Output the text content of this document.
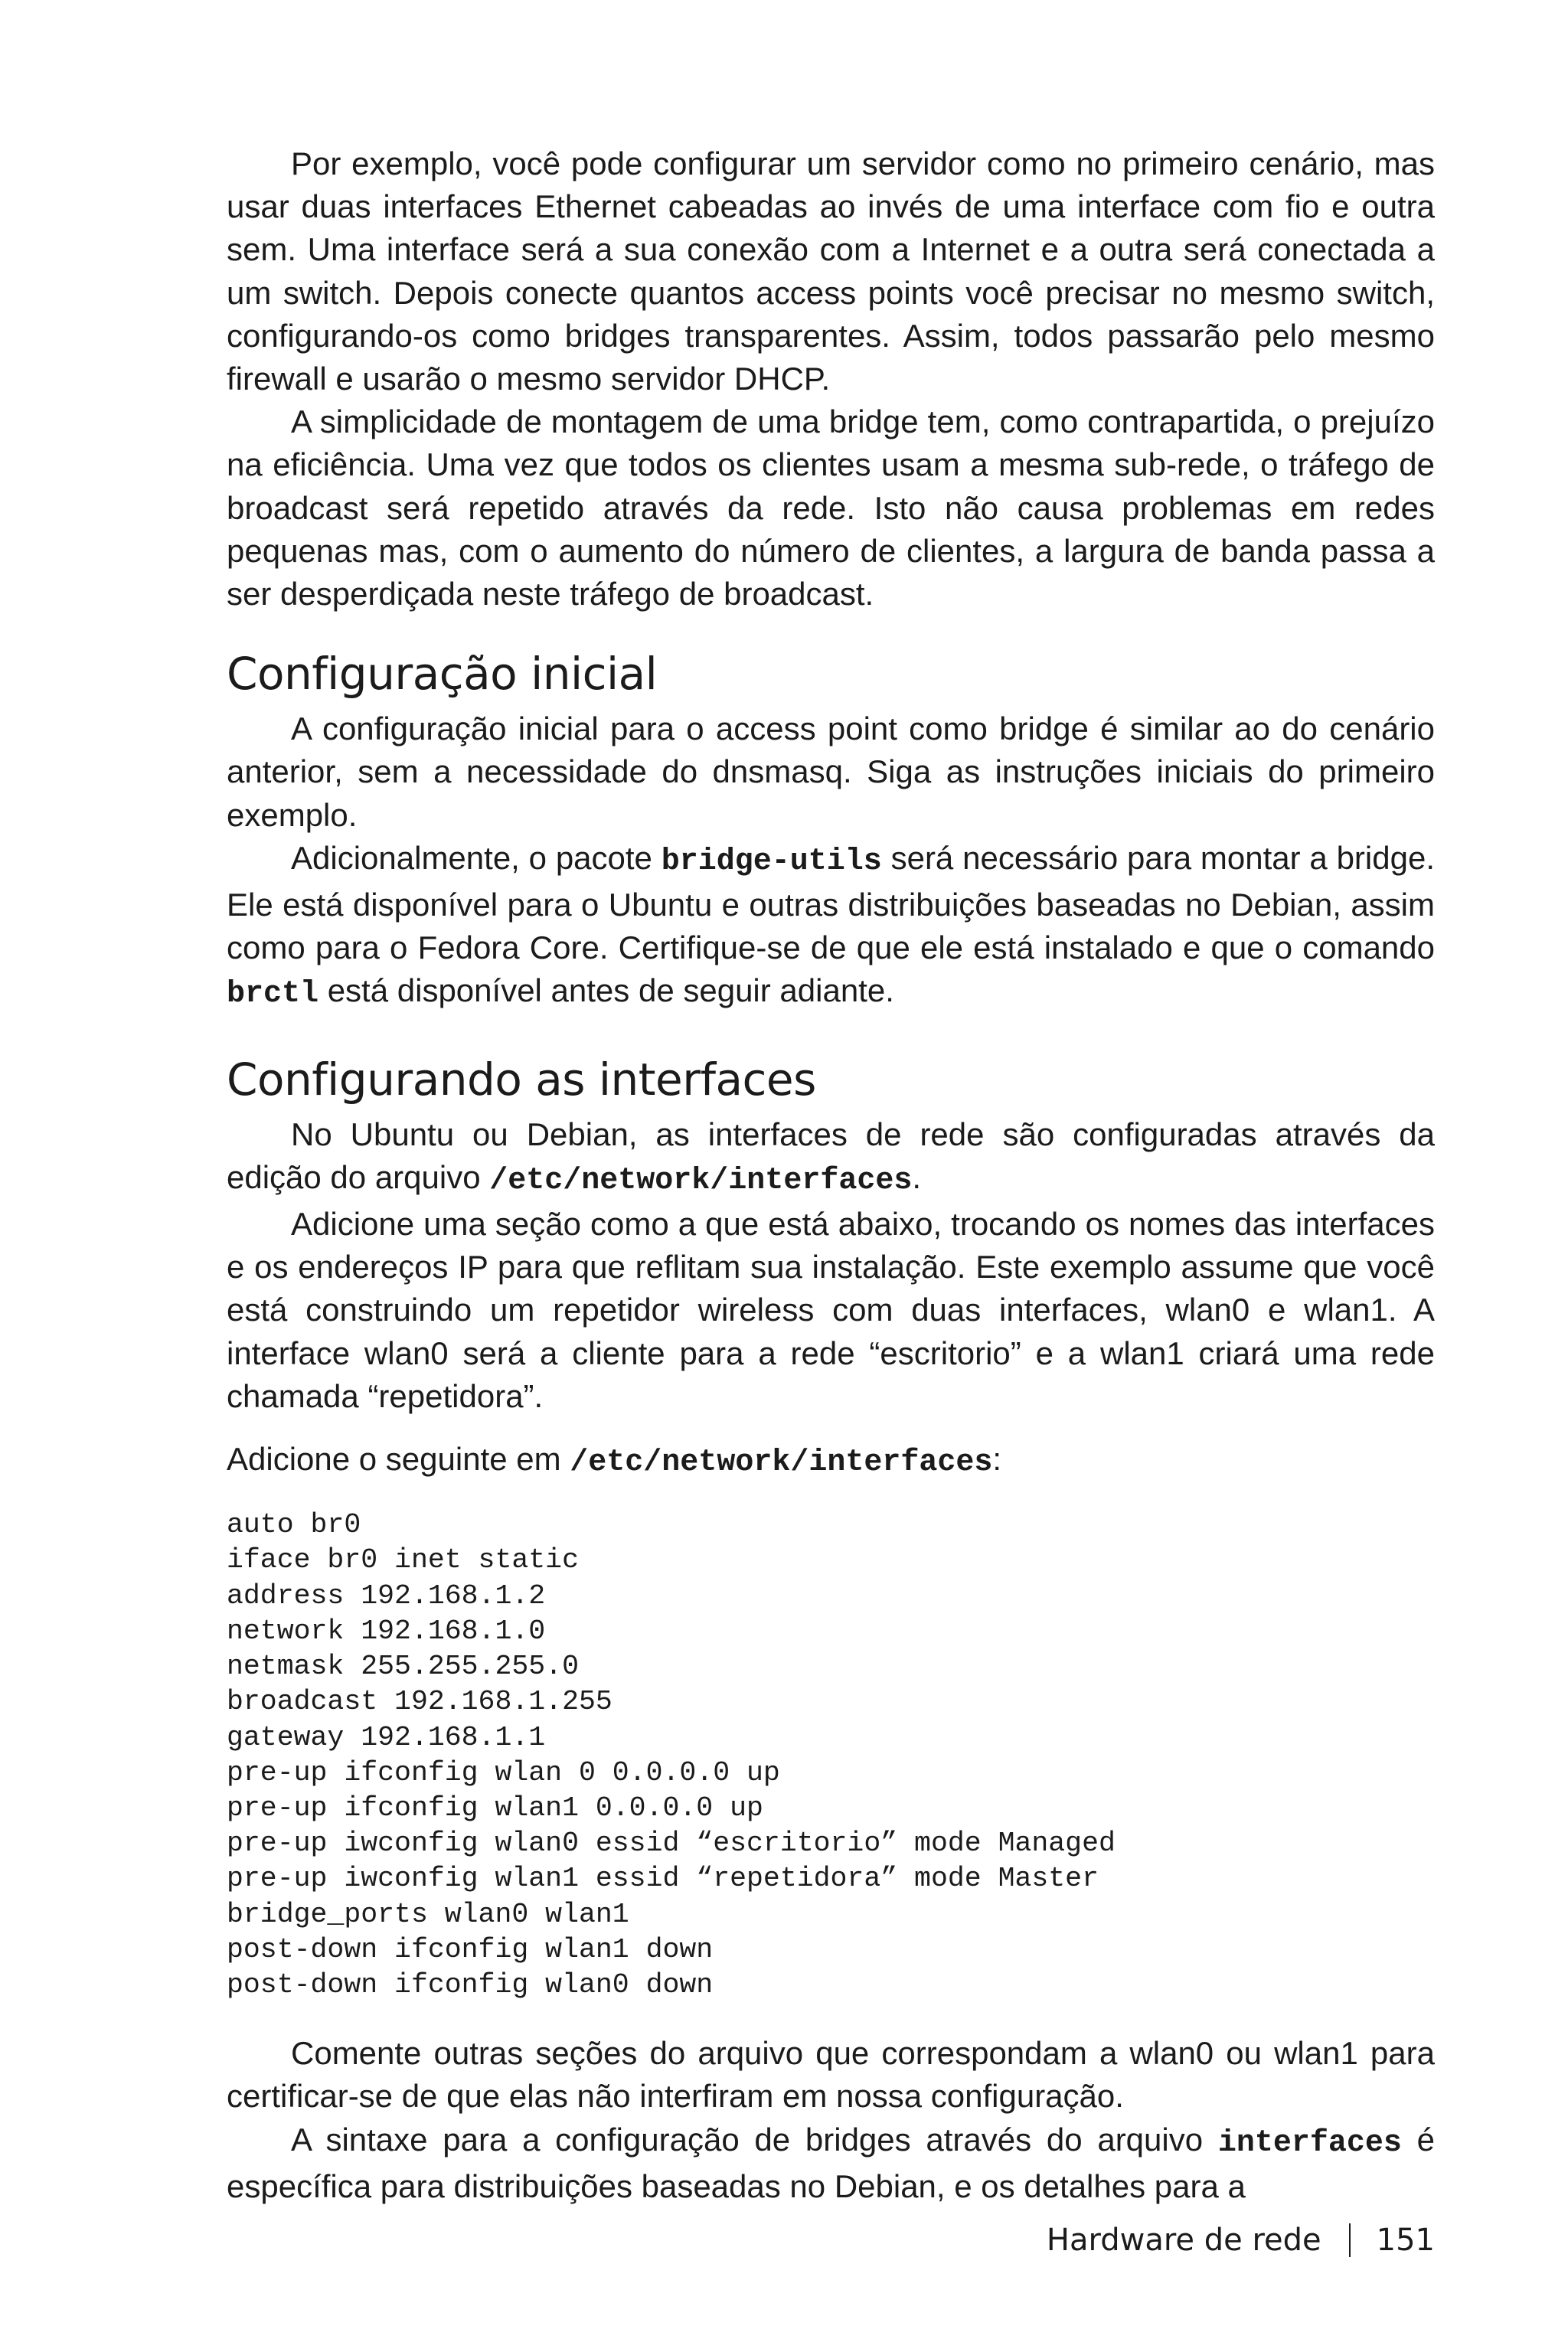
Por exemplo, você pode configurar um servidor como no primeiro cenário, mas usar duas interfaces Ethernet cabeadas ao invés de uma interface com fio e outra sem. Uma interface será a sua conexão com a Internet e a outra será conectada a um switch. Depois conecte quantos access points você precisar no mesmo switch, configurando-os como bridges transparentes. Assim, todos passarão pelo mesmo firewall e usarão o mesmo servidor DHCP.

A simplicidade de montagem de uma bridge tem, como contrapartida, o prejuízo na eficiência. Uma vez que todos os clientes usam a mesma sub-rede, o tráfego de broadcast será repetido através da rede. Isto não causa problemas em redes pequenas mas, com o aumento do número de clientes, a largura de banda passa a ser desperdiçada neste tráfego de broadcast.

Configuração inicial

A configuração inicial para o access point como bridge é similar ao do cenário anterior, sem a necessidade do dnsmasq. Siga as instruções iniciais do primeiro exemplo.

Adicionalmente, o pacote bridge-utils será necessário para montar a bridge. Ele está disponível para o Ubuntu e outras distribuições baseadas no Debian, assim como para o Fedora Core. Certifique-se de que ele está instalado e que o comando brctl está disponível antes de seguir adiante.

Configurando as interfaces

No Ubuntu ou Debian, as interfaces de rede são configuradas através da edição do arquivo /etc/network/interfaces.

Adicione uma seção como a que está abaixo, trocando os nomes das interfaces e os endereços IP para que reflitam sua instalação. Este exemplo assume que você está construindo um repetidor wireless com duas interfaces, wlan0 e wlan1. A interface wlan0 será a cliente para a rede “escritorio” e a wlan1 criará uma rede chamada “repetidora”.

Adicione o seguinte em /etc/network/interfaces:

auto br0
iface br0 inet static
address 192.168.1.2
network 192.168.1.0
netmask 255.255.255.0
broadcast 192.168.1.255
gateway 192.168.1.1
pre-up ifconfig wlan 0 0.0.0.0 up
pre-up ifconfig wlan1 0.0.0.0 up
pre-up iwconfig wlan0 essid “escritorio” mode Managed
pre-up iwconfig wlan1 essid “repetidora” mode Master
bridge_ports wlan0 wlan1
post-down ifconfig wlan1 down
post-down ifconfig wlan0 down

Comente outras seções do arquivo que correspondam a wlan0 ou wlan1 para certificar-se de que elas não interfiram em nossa configuração.

A sintaxe para a configuração de bridges através do arquivo interfaces é específica para distribuições baseadas no Debian, e os detalhes para a

Hardware de rede 151
